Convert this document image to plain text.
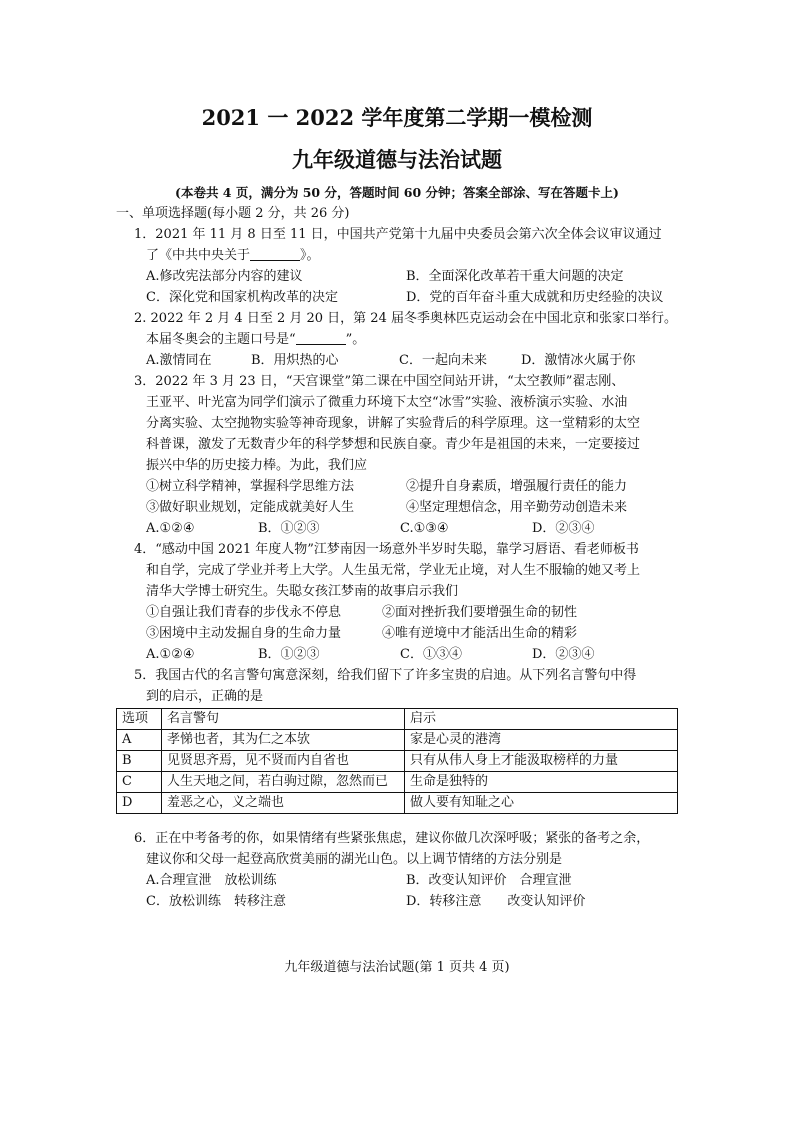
2021 一 2022 学年度第二学期一模检测
九年级道德与法治试题
(本卷共 4 页，满分为 50 分，答题时间 60 分钟；答案全部涂、写在答题卡上)
一、单项选择题(每小题 2 分，共 26 分)
1．2021 年 11 月 8 日至 11 日，中国共产党第十九届中央委员会第六次全体会议审议通过
了《中共中央关于	》。
A.修改宪法部分内容的建议	B．全面深化改革若干重大问题的决定
C．深化党和国家机构改革的决定	D．党的百年奋斗重大成就和历史经验的决议
2. 2022 年 2 月 4 日至 2 月 20 日，第 24 届冬季奥林匹克运动会在中国北京和张家口举行。
本届冬奥会的主题口号是“	”。
A.激情同在	B．用炽热的心	C．一起向未来	D．激情冰火属于你
3．2022 年 3 月 23 日，“天宫课堂”第二课在中国空间站开讲，“太空教师”翟志刚、
王亚平、叶光富为同学们演示了微重力环境下太空“冰雪”实验、液桥演示实验、水油
分离实验、太空抛物实验等神奇现象，讲解了实验背后的科学原理。这一堂精彩的太空
科普课，激发了无数青少年的科学梦想和民族自豪。青少年是祖国的未来，一定要接过
振兴中华的历史接力棒。为此，我们应
①树立科学精神，掌握科学思维方法	②提升自身素质，增强履行责任的能力
③做好职业规划，定能成就美好人生	④坚定理想信念，用辛勤劳动创造未来
A.①②④	B．①②③	C.①③④	D．②③④
4．“感动中国 2021 年度人物”江梦南因一场意外半岁时失聪，靠学习唇语、看老师板书
和自学，完成了学业并考上大学。人生虽无常，学业无止境，对人生不服输的她又考上
清华大学博士研究生。失聪女孩江梦南的故事启示我们
①自强让我们青春的步伐永不停息	②面对挫折我们要增强生命的韧性
③困境中主动发掘自身的生命力量	④唯有逆境中才能活出生命的精彩
A.①②④	B．①②③	C．①③④	D．②③④
5．我国古代的名言警句寓意深刻，给我们留下了许多宝贵的启迪。从下列名言警句中得
到的启示，正确的是
选项	名言警句	启示
A	孝悌也者，其为仁之本欤	家是心灵的港湾
B	见贤思齐焉，见不贤而内自省也	只有从伟人身上才能汲取榜样的力量
C	人生天地之间，若白驹过隙，忽然而已	生命是独特的
D	羞恶之心，义之端也	做人要有知耻之心
6．正在中考备考的你，如果情绪有些紧张焦虑，建议你做几次深呼吸；紧张的备考之余，
建议你和父母一起登高欣赏美丽的湖光山色。以上调节情绪的方法分别是
A.合理宣泄　放松训练	B．改变认知评价　合理宣泄
C．放松训练　转移注意	D．转移注意　　改变认知评价
九年级道德与法治试题(第 1 页共 4 页)
